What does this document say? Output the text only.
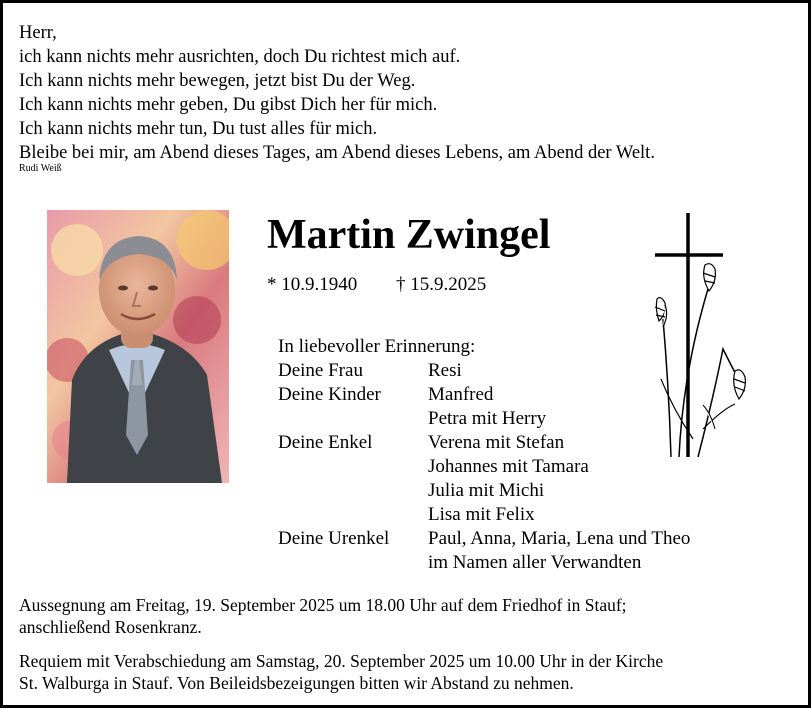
Herr,
ich kann nichts mehr ausrichten, doch Du richtest mich auf.
Ich kann nichts mehr bewegen, jetzt bist Du der Weg.
Ich kann nichts mehr geben, Du gibst Dich her für mich.
Ich kann nichts mehr tun, Du tust alles für mich.
Bleibe bei mir, am Abend dieses Tages, am Abend dieses Lebens, am Abend der Welt.
Rudi Weiß
Martin Zwingel
* 10.9.1940 † 15.9.2025
In liebevoller Erinnerung:
Deine Frau	Resi
Deine Kinder	Manfred
Petra mit Herry
Deine Enkel	Verena mit Stefan
Johannes mit Tamara
Julia mit Michi
Lisa mit Felix
Deine Urenkel	Paul, Anna, Maria, Lena und Theo
im Namen aller Verwandten
Aussegnung am Freitag, 19. September 2025 um 18.00 Uhr auf dem Friedhof in Stauf;
anschließend Rosenkranz.
Requiem mit Verabschiedung am Samstag, 20. September 2025 um 10.00 Uhr in der Kirche
St. Walburga in Stauf. Von Beileidsbezeigungen bitten wir Abstand zu nehmen.
